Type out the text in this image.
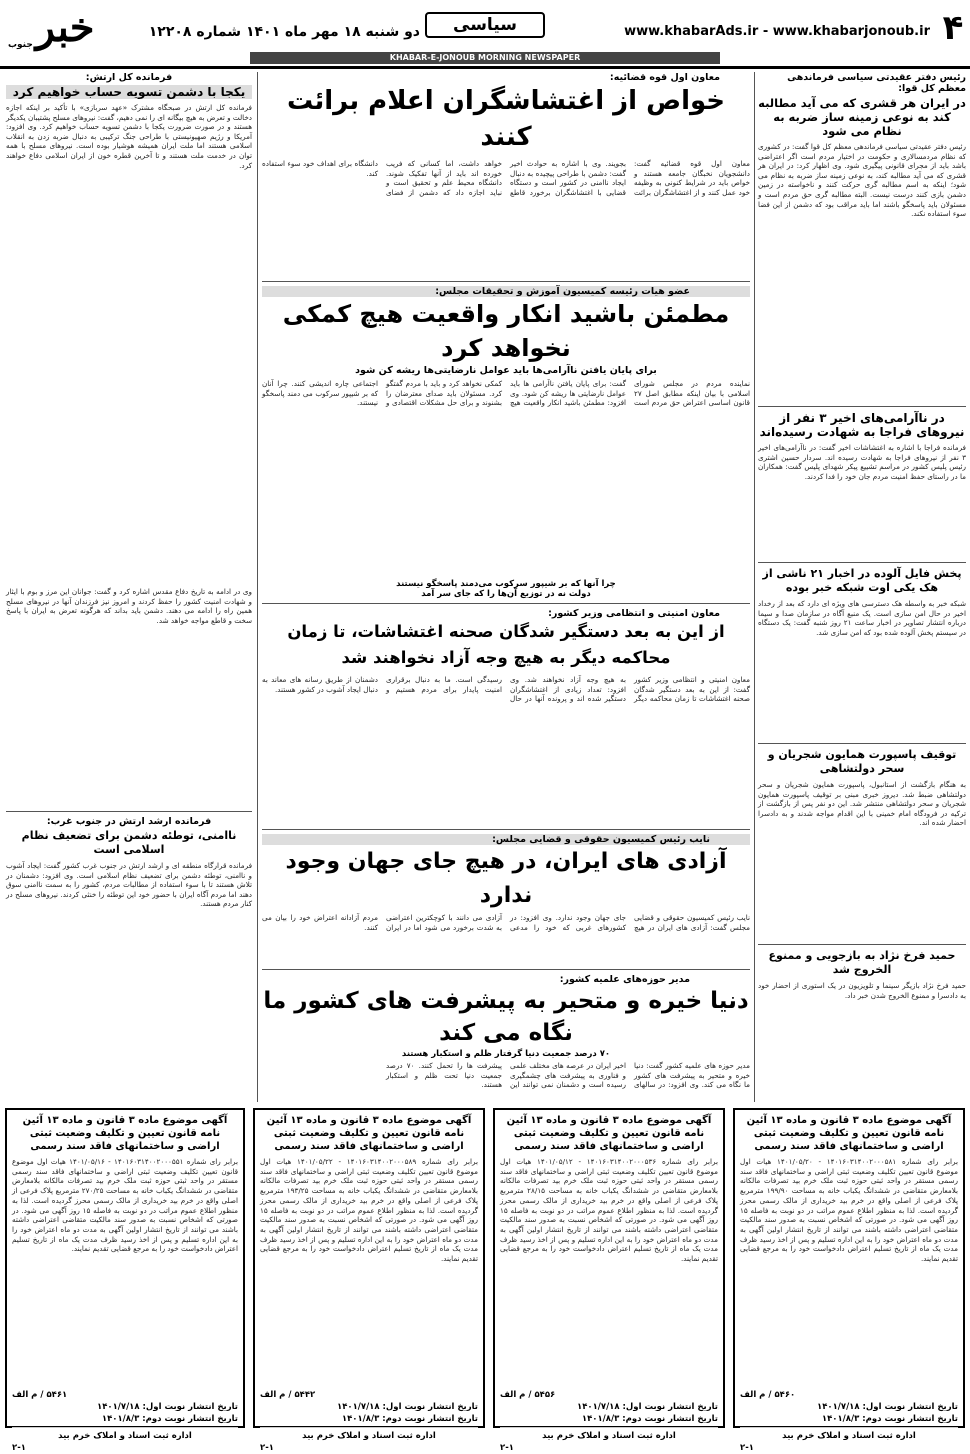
خبر
جنوب
دو شنبه ۱۸ مهر ماه ۱۴۰۱ شماره ۱۲۲۰۸	سیاسی	www.khabarAds.ir - www.khabarjonoub.ir ۴
KHABAR-E-JONOUB MORNING NEWSPAPER
رئیس دفتر عقیدتی سیاسی فرماندهی معظم کل قوا:
در ایران هر قشری که می آید مطالبه کند به نوعی زمینه ساز ضربه به نظام می شود
رئیس دفتر عقیدتی سیاسی فرماندهی معظم کل قوا گفت: در کشوری که نظام مردمسالاری و حکومت در اختیار مردم است اگر اعتراضی باشد باید از مجرای قانونی پیگیری شود. وی اظهار کرد: در ایران هر قشری که می آید مطالبه کند، به نوعی زمینه ساز ضربه به نظام می شود؛ اینکه به اسم مطالبه گری حرکت کنند و ناخواسته در زمین دشمن بازی کنند درست نیست. البته مطالبه گری حق مردم است و مسئولان باید پاسخگو باشند اما باید مراقب بود که دشمن از این فضا سوء استفاده نکند.
در ناآرامی‌های اخیر ۳ نفر از نیروهای فراجا به شهادت رسیده‌اند
فرمانده فراجا با اشاره به اغتشاشات اخیر گفت: در ناآرامی‌های اخیر ۳ نفر از نیروهای فراجا به شهادت رسیده اند. سردار حسین اشتری رئیس پلیس کشور در مراسم تشییع پیکر شهدای پلیس گفت: همکاران ما در راستای حفظ امنیت مردم جان خود را فدا کردند.
پخش فایل آلوده در اخبار ۲۱ ناشی از هک یکی اوت شبکه خبر بوده
شبکه خبر به واسطه هک دسترسی های ویژه ای دارد که بعد از رخداد اخیر در حال امن سازی است. یک منبع آگاه در سازمان صدا و سیما درباره انتشار تصاویر در اخبار ساعت ۲۱ روز شنبه گفت: یک دستگاه در سیستم پخش آلوده شده بود که امن سازی شد.
توقیف پاسپورت همایون شجریان و سحر دولتشاهی
به هنگام بازگشت از استانبول، پاسپورت همایون شجریان و سحر دولتشاهی ضبط شد. دیروز خبری مبنی بر توقیف پاسپورت همایون شجریان و سحر دولتشاهی منتشر شد. این دو نفر پس از بازگشت از ترکیه در فرودگاه امام خمینی با این اقدام مواجه شدند و به دادسرا احضار شده اند.
حمید فرخ نژاد به بازجویی و ممنوع الخروج شد
حمید فرخ نژاد بازیگر سینما و تلویزیون در یک استوری از احضار خود به دادسرا و ممنوع الخروج شدن خبر داد.
معاون اول قوه قضائیه:
خواص از اغتشاشگران اعلام برائت کنند
معاون اول قوه قضائیه گفت: دانشجویان نخبگان جامعه هستند و خواص باید در شرایط کنونی به وظیفه خود عمل کنند و از اغتشاشگران برائت بجویند. وی با اشاره به حوادث اخیر گفت: دشمن با طراحی پیچیده به دنبال ایجاد ناامنی در کشور است و دستگاه قضایی با اغتشاشگران برخورد قاطع خواهد داشت، اما کسانی که فریب خورده اند باید از آنها تفکیک شوند. دانشگاه محیط علم و تحقیق است و نباید اجازه داد که دشمن از فضای دانشگاه برای اهداف خود سوء استفاده کند.
عضو هیات رئیسه کمیسیون آموزش و تحقیقات مجلس:
مطمئن باشید انکار واقعیت هیچ کمکی نخواهد کرد
برای پایان یافتن ناآرامی‌ها باید عوامل نارضایتی‌ها ریشه کن شود
نماینده مردم در مجلس شورای اسلامی با بیان اینکه مطابق اصل ۲۷ قانون اساسی اعتراض حق مردم است گفت: برای پایان یافتن ناآرامی ها باید عوامل نارضایتی ها ریشه کن شود. وی افزود: مطمئن باشید انکار واقعیت هیچ کمکی نخواهد کرد و باید با مردم گفتگو کرد. مسئولان باید صدای معترضان را بشنوند و برای حل مشکلات اقتصادی و اجتماعی چاره اندیشی کنند. چرا آنان که بر شیپور سرکوب می دمند پاسخگو نیستند.
چرا آنها که بر شیپور سرکوب می‌دمند پاسخگو نیستند
دولت نه در توزیع آن‌ها را که جای سر آمد
معاون امنیتی و انتظامی وزیر کشور:
از این به بعد دستگیر شدگان صحنه اغتشاشات، تا زمان محاکمه دیگر به هیچ وجه آزاد نخواهند شد
معاون امنیتی و انتظامی وزیر کشور گفت: از این به بعد دستگیر شدگان صحنه اغتشاشات تا زمان محاکمه دیگر به هیچ وجه آزاد نخواهند شد. وی افزود: تعداد زیادی از اغتشاشگران دستگیر شده اند و پرونده آنها در حال رسیدگی است. ما به دنبال برقراری امنیت پایدار برای مردم هستیم و دشمنان از طریق رسانه های معاند به دنبال ایجاد آشوب در کشور هستند.
نایب رئیس کمیسیون حقوقی و قضایی مجلس:
آزادی های ایران، در هیچ جای جهان وجود ندارد
نایب رئیس کمیسیون حقوقی و قضایی مجلس گفت: آزادی های ایران در هیچ جای جهان وجود ندارد. وی افزود: در کشورهای غربی که خود را مدعی آزادی می دانند با کوچکترین اعتراضی به شدت برخورد می شود اما در ایران مردم آزادانه اعتراض خود را بیان می کنند.
مدیر حوزه‌های علمیه کشور:
دنیا خیره و متحیر به پیشرفت های کشور ما نگاه می کند
۷۰ درصد جمعیت دنیا گرفتار ظلم و استکبار هستند
مدیر حوزه های علمیه کشور گفت: دنیا خیره و متحیر به پیشرفت های کشور ما نگاه می کند. وی افزود: در سالهای اخیر ایران در عرصه های مختلف علمی و فناوری به پیشرفت های چشمگیری رسیده است و دشمنان نمی توانند این پیشرفت ها را تحمل کنند. ۷۰ درصد جمعیت دنیا تحت ظلم و استکبار هستند.
فرمانده کل ارتش:
یکجا با دشمن تسویه حساب خواهیم کرد
فرمانده کل ارتش در صبحگاه مشترک «عهد سربازی» با تأکید بر اینکه اجازه دخالت و تعرض به هیچ بیگانه ای را نمی دهیم، گفت: نیروهای مسلح پشتیبان یکدیگر هستند و در صورت ضرورت یکجا با دشمن تسویه حساب خواهیم کرد. وی افزود: آمریکا و رژیم صهیونیستی با طراحی جنگ ترکیبی به دنبال ضربه زدن به انقلاب اسلامی هستند اما ملت ایران همیشه هوشیار بوده است. نیروهای مسلح با همه توان در خدمت ملت هستند و تا آخرین قطره خون از ایران اسلامی دفاع خواهند کرد.
وی در ادامه به تاریخ دفاع مقدس اشاره کرد و گفت: جوانان این مرز و بوم با ایثار و شهادت امنیت کشور را حفظ کردند و امروز نیز فرزندان آنها در نیروهای مسلح همین راه را ادامه می دهند. دشمن باید بداند که هرگونه تعرض به ایران با پاسخ سخت و قاطع مواجه خواهد شد.
فرمانده ارشد ارتش در جنوب غرب:
ناامنی، توطئه دشمن برای تضعیف نظام اسلامی است
فرمانده قرارگاه منطقه ای و ارشد ارتش در جنوب غرب کشور گفت: ایجاد آشوب و ناامنی، توطئه دشمن برای تضعیف نظام اسلامی است. وی افزود: دشمنان در تلاش هستند تا با سوء استفاده از مطالبات مردم، کشور را به سمت ناامنی سوق دهند اما مردم آگاه ایران با حضور خود این توطئه را خنثی کردند. نیروهای مسلح در کنار مردم هستند.
آگهی موضوع ماده ۳ قانون و ماده ۱۳ آئین نامه قانون تعیین و تکلیف وضعیت ثبتی اراضی و ساختمانهای فاقد سند رسمی
برابر رای شماره ۱۴۰۱۶۰۳۱۴۰۰۲۰۰۰۵۸۱ - ۱۴۰۱/۰۵/۲۰ هیات اول موضوع قانون تعیین تکلیف وضعیت ثبتی اراضی و ساختمانهای فاقد سند رسمی مستقر در واحد ثبتی حوزه ثبت ملک خرم بید تصرفات مالکانه بلامعارض متقاضی در ششدانگ یکباب خانه به مساحت ۱۹۹/۹۰ مترمربع پلاک فرعی از اصلی واقع در خرم بید خریداری از مالک رسمی محرز گردیده است. لذا به منظور اطلاع عموم مراتب در دو نوبت به فاصله ۱۵ روز آگهی می شود. در صورتی که اشخاص نسبت به صدور سند مالکیت متقاضی اعتراضی داشته باشند می توانند از تاریخ انتشار اولین آگهی به مدت دو ماه اعتراض خود را به این اداره تسلیم و پس از اخذ رسید ظرف مدت یک ماه از تاریخ تسلیم اعتراض دادخواست خود را به مرجع قضایی تقدیم نمایند.
۵۴۶۰ / م الف
تاریخ انتشار نوبت اول: ۱۴۰۱/۷/۱۸
تاریخ انتشار نوبت دوم: ۱۴۰۱/۸/۳
اداره ثبت اسناد و املاک خرم بید
۲-۱
آگهی موضوع ماده ۳ قانون و ماده ۱۳ آئین نامه قانون تعیین و تکلیف وضعیت ثبتی اراضی و ساختمانهای فاقد سند رسمی
برابر رای شماره ۱۴۰۱۶۰۳۱۴۰۰۲۰۰۰۵۳۶ - ۱۴۰۱/۰۵/۱۲ هیات اول موضوع قانون تعیین تکلیف وضعیت ثبتی اراضی و ساختمانهای فاقد سند رسمی مستقر در واحد ثبتی حوزه ثبت ملک خرم بید تصرفات مالکانه بلامعارض متقاضی در ششدانگ یکباب خانه به مساحت ۲۸/۱۵ مترمربع پلاک فرعی از اصلی واقع در خرم بید خریداری از مالک رسمی محرز گردیده است. لذا به منظور اطلاع عموم مراتب در دو نوبت به فاصله ۱۵ روز آگهی می شود. در صورتی که اشخاص نسبت به صدور سند مالکیت متقاضی اعتراضی داشته باشند می توانند از تاریخ انتشار اولین آگهی به مدت دو ماه اعتراض خود را به این اداره تسلیم و پس از اخذ رسید ظرف مدت یک ماه از تاریخ تسلیم اعتراض دادخواست خود را به مرجع قضایی تقدیم نمایند.
۵۴۵۶ / م الف
تاریخ انتشار نوبت اول: ۱۴۰۱/۷/۱۸
تاریخ انتشار نوبت دوم: ۱۴۰۱/۸/۳
اداره ثبت اسناد و املاک خرم بید
۲-۱
آگهی موضوع ماده ۳ قانون و ماده ۱۳ آئین نامه قانون تعیین و تکلیف وضعیت ثبتی اراضی و ساختمانهای فاقد سند رسمی
برابر رای شماره ۱۴۰۱۶۰۳۱۴۰۰۲۰۰۰۵۸۹ - ۱۴۰۱/۰۵/۲۲ هیات اول موضوع قانون تعیین تکلیف وضعیت ثبتی اراضی و ساختمانهای فاقد سند رسمی مستقر در واحد ثبتی حوزه ثبت ملک خرم بید تصرفات مالکانه بلامعارض متقاضی در ششدانگ یکباب خانه به مساحت ۱۹۳/۲۵ مترمربع پلاک فرعی از اصلی واقع در خرم بید خریداری از مالک رسمی محرز گردیده است. لذا به منظور اطلاع عموم مراتب در دو نوبت به فاصله ۱۵ روز آگهی می شود. در صورتی که اشخاص نسبت به صدور سند مالکیت متقاضی اعتراضی داشته باشند می توانند از تاریخ انتشار اولین آگهی به مدت دو ماه اعتراض خود را به این اداره تسلیم و پس از اخذ رسید ظرف مدت یک ماه از تاریخ تسلیم اعتراض دادخواست خود را به مرجع قضایی تقدیم نمایند.
۵۴۴۲ / م الف
تاریخ انتشار نوبت اول: ۱۴۰۱/۷/۱۸
تاریخ انتشار نوبت دوم: ۱۴۰۱/۸/۳
اداره ثبت اسناد و املاک خرم بید
۲-۱
آگهی موضوع ماده ۳ قانون و ماده ۱۳ آئین نامه قانون تعیین و تکلیف وضعیت ثبتی اراضی و ساختمانهای فاقد سند رسمی
برابر رای شماره ۱۴۰۱۶۰۳۱۴۰۰۲۰۰۰۵۵۱ - ۱۴۰۱/۰۵/۱۶ هیات اول موضوع قانون تعیین تکلیف وضعیت ثبتی اراضی و ساختمانهای فاقد سند رسمی مستقر در واحد ثبتی حوزه ثبت ملک خرم بید تصرفات مالکانه بلامعارض متقاضی در ششدانگ یکباب خانه به مساحت ۲۷۰/۲۵ مترمربع پلاک فرعی از اصلی واقع در خرم بید خریداری از مالک رسمی محرز گردیده است. لذا به منظور اطلاع عموم مراتب در دو نوبت به فاصله ۱۵ روز آگهی می شود. در صورتی که اشخاص نسبت به صدور سند مالکیت متقاضی اعتراضی داشته باشند می توانند از تاریخ انتشار اولین آگهی به مدت دو ماه اعتراض خود را به این اداره تسلیم و پس از اخذ رسید ظرف مدت یک ماه از تاریخ تسلیم اعتراض دادخواست خود را به مرجع قضایی تقدیم نمایند.
۵۴۶۱ / م الف
تاریخ انتشار نوبت اول: ۱۴۰۱/۷/۱۸
تاریخ انتشار نوبت دوم: ۱۴۰۱/۸/۳
اداره ثبت اسناد و املاک خرم بید
۲-۱
